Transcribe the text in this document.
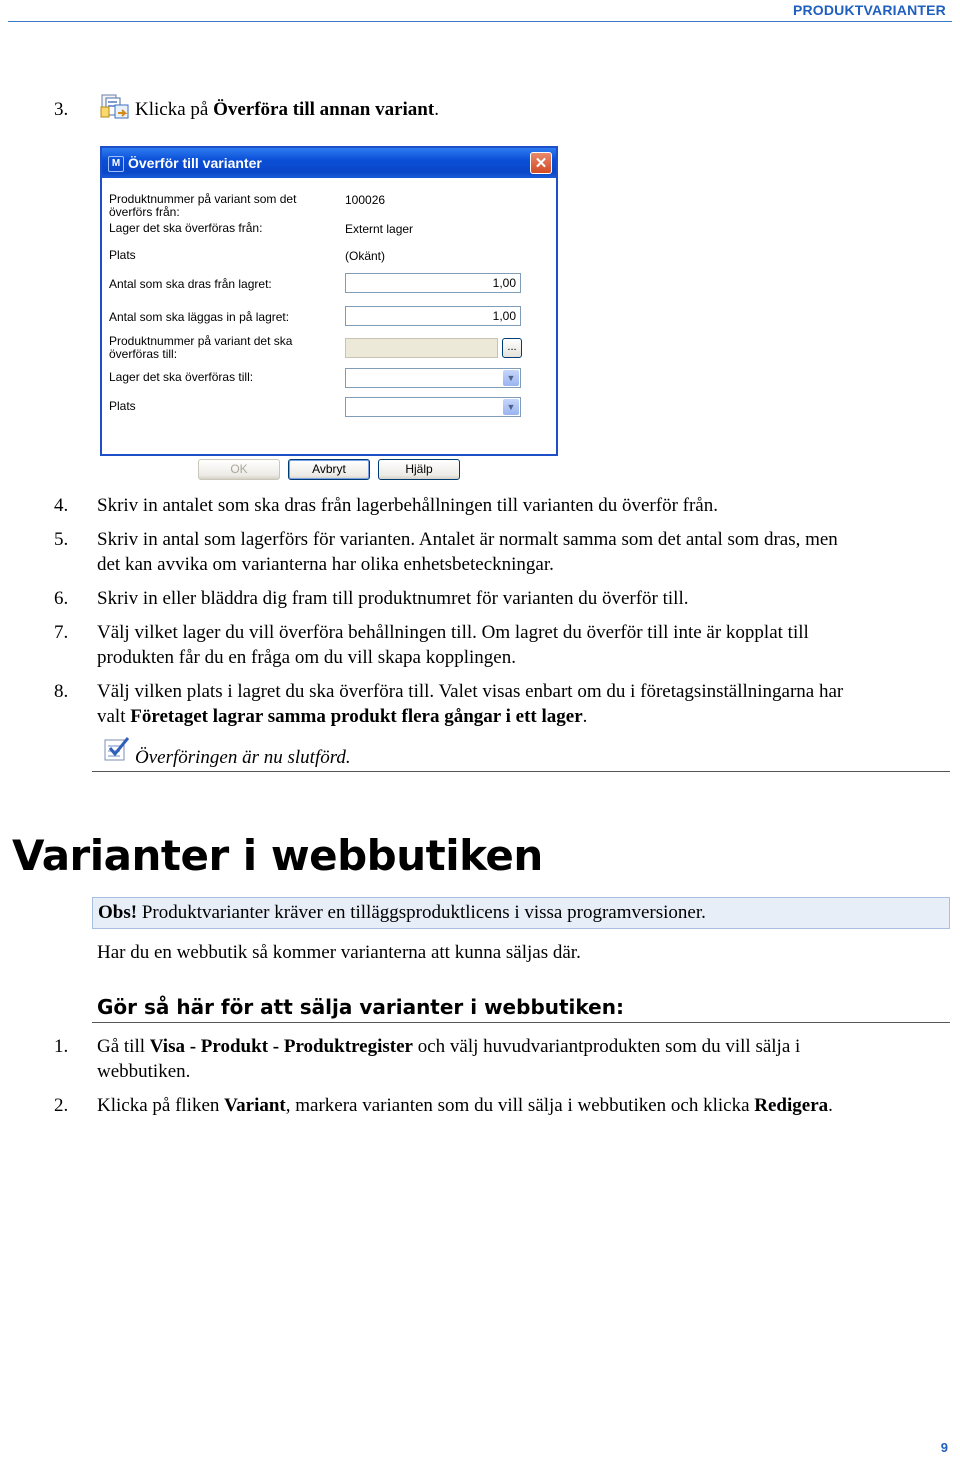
PRODUKTVARIANTER
3.	Klicka på Överföra till annan variant.
M Överför till varianter	✕
Produktnummer på variant som det överförs från:
100026
Lager det ska överföras från:	Externt lager
Plats	(Okänt)
Antal som ska dras från lagret:	1,00
Antal som ska läggas in på lagret:	1,00
Produktnummer på variant det ska överföras till:	...
Lager det ska överföras till:	▼
Plats	▼
OK	Avbryt	Hjälp
4. Skriv in antalet som ska dras från lagerbehållningen till varianten du överför från.
5. Skriv in antal som lagerförs för varianten. Antalet är normalt samma som det antal som dras, men
det kan avvika om varianterna har olika enhetsbeteckningar.
6. Skriv in eller bläddra dig fram till produktnumret för varianten du överför till.
7. Välj vilket lager du vill överföra behållningen till. Om lagret du överför till inte är kopplat till
produkten får du en fråga om du vill skapa kopplingen.
8. Välj vilken plats i lagret du ska överföra till. Valet visas enbart om du i företagsinställningarna har
valt Företaget lagrar samma produkt flera gångar i ett lager.
Överföringen är nu slutförd.
Varianter i webbutiken
Obs! Produktvarianter kräver en tilläggsproduktlicens i vissa programversioner.
Har du en webbutik så kommer varianterna att kunna säljas där.
Gör så här för att sälja varianter i webbutiken:
1. Gå till Visa - Produkt - Produktregister och välj huvudvariantprodukten som du vill sälja i
webbutiken.
2. Klicka på fliken Variant, markera varianten som du vill sälja i webbutiken och klicka Redigera.
9
